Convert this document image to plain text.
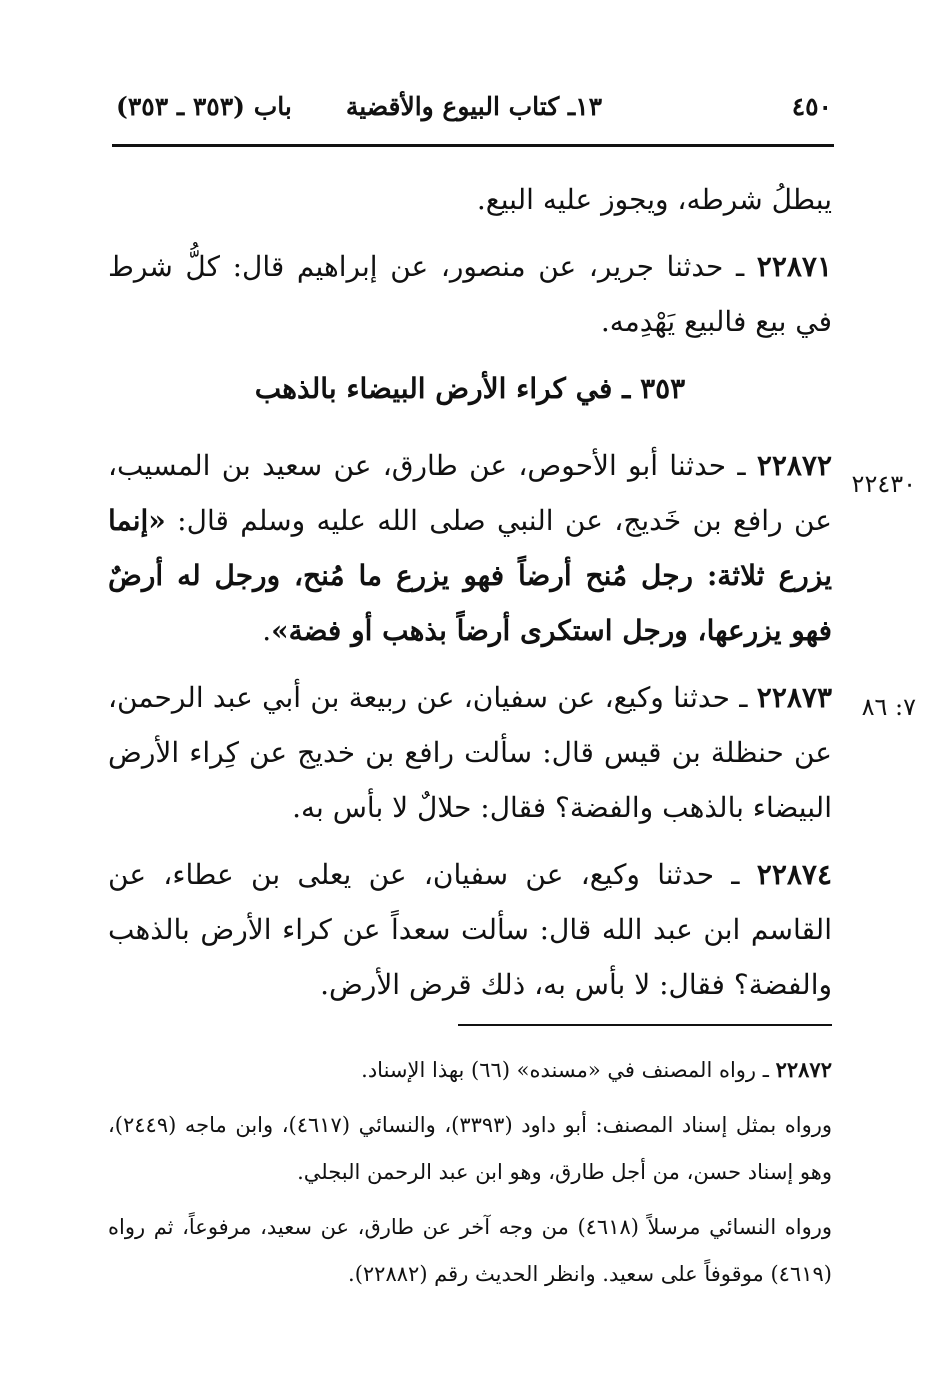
٤٥٠
١٣ـ كتاب البيوع والأقضية
باب (٣٥٣ ـ ٣٥٣)
٢٢٤٣٠
٧: ٨٦
يبطلُ شرطه، ويجوز عليه البيع.
٢٢٨٧١ ـ حدثنا جرير، عن منصور، عن إبراهيم قال: كلُّ شرط في بيع فالبيع يَهْدِمه.
٣٥٣ ـ في كراء الأرض البيضاء بالذهب
٢٢٨٧٢ ـ حدثنا أبو الأحوص، عن طارق، عن سعيد بن المسيب، عن رافع بن خَديج، عن النبي صلى الله عليه وسلم قال: «إنما يزرع ثلاثة: رجل مُنح أرضاً فهو يزرع ما مُنح، ورجل له أرضٌ فهو يزرعها، ورجل استكرى أرضاً بذهب أو فضة».
٢٢٨٧٣ ـ حدثنا وكيع، عن سفيان، عن ربيعة بن أبي عبد الرحمن، عن حنظلة بن قيس قال: سألت رافع بن خديج عن كِراء الأرض البيضاء بالذهب والفضة؟ فقال: حلالٌ لا بأس به.
٢٢٨٧٤ ـ حدثنا وكيع، عن سفيان، عن يعلى بن عطاء، عن القاسم ابن عبد الله قال: سألت سعداً عن كراء الأرض بالذهب والفضة؟ فقال: لا بأس به، ذلك قرض الأرض.
٢٢٨٧٢ ـ رواه المصنف في «مسنده» (٦٦) بهذا الإسناد.
ورواه بمثل إسناد المصنف: أبو داود (٣٣٩٣)، والنسائي (٤٦١٧)، وابن ماجه (٢٤٤٩)، وهو إسناد حسن، من أجل طارق، وهو ابن عبد الرحمن البجلي.
ورواه النسائي مرسلاً (٤٦١٨) من وجه آخر عن طارق، عن سعيد، مرفوعاً، ثم رواه (٤٦١٩) موقوفاً على سعيد. وانظر الحديث رقم (٢٢٨٨٢).
